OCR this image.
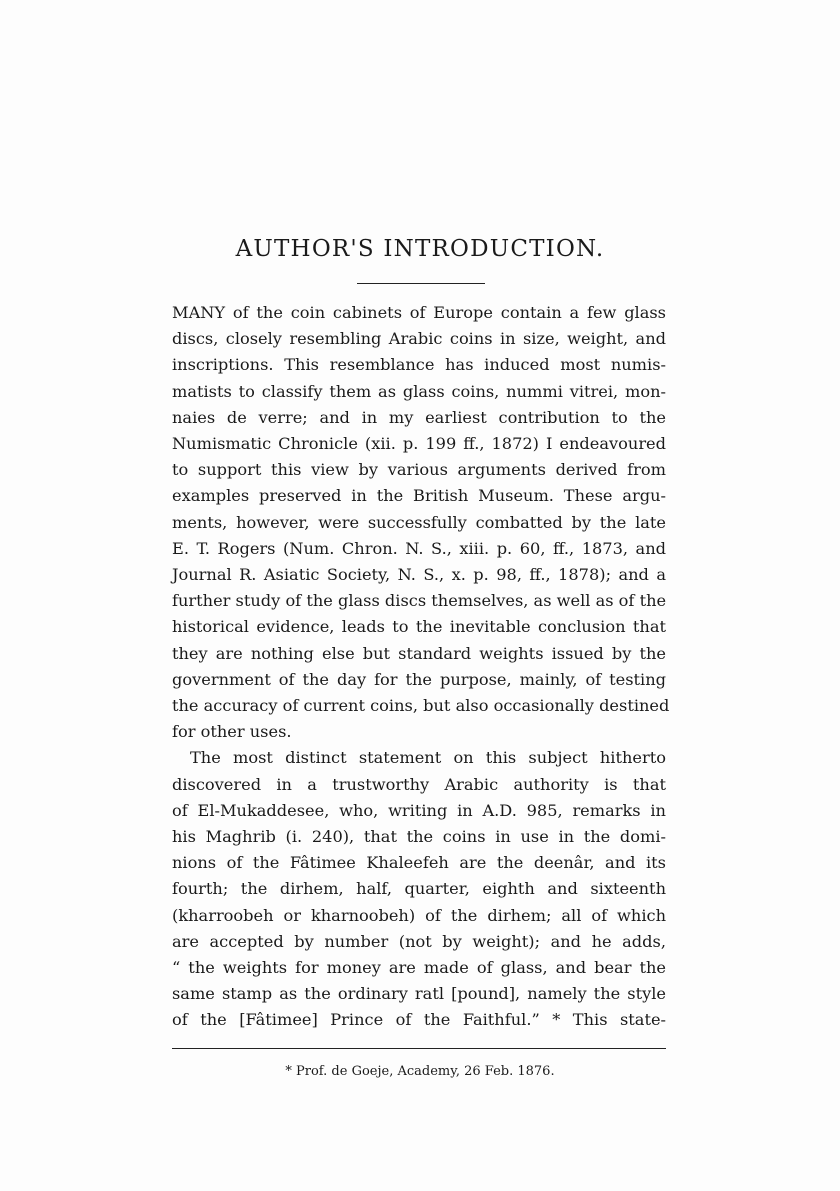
AUTHOR'S INTRODUCTION.

MANY of the coin cabinets of Europe contain a few glass
discs, closely resembling Arabic coins in size, weight, and
inscriptions. This resemblance has induced most numis-
matists to classify them as glass coins, nummi vitrei, mon-
naies de verre; and in my earliest contribution to the
Numismatic Chronicle (xii. p. 199 ff., 1872) I endeavoured
to support this view by various arguments derived from
examples preserved in the British Museum. These argu-
ments, however, were successfully combatted by the late
E. T. Rogers (Num. Chron. N. S., xiii. p. 60, ff., 1873, and
Journal R. Asiatic Society, N. S., x. p. 98, ff., 1878); and a
further study of the glass discs themselves, as well as of the
historical evidence, leads to the inevitable conclusion that
they are nothing else but standard weights issued by the
government of the day for the purpose, mainly, of testing
the accuracy of current coins, but also occasionally destined
for other uses.

The most distinct statement on this subject hitherto
discovered in a trustworthy Arabic authority is that
of El-Mukaddesee, who, writing in A.D. 985, remarks in
his Maghrib (i. 240), that the coins in use in the domi-
nions of the Fâtimee Khaleefeh are the deenâr, and its
fourth; the dirhem, half, quarter, eighth and sixteenth
(kharroobeh or kharnoobeh) of the dirhem; all of which
are accepted by number (not by weight); and he adds,
“ the weights for money are made of glass, and bear the
same stamp as the ordinary ratl [pound], namely the style
of the [Fâtimee] Prince of the Faithful.” * This state-

* Prof. de Goeje, Academy, 26 Feb. 1876.
